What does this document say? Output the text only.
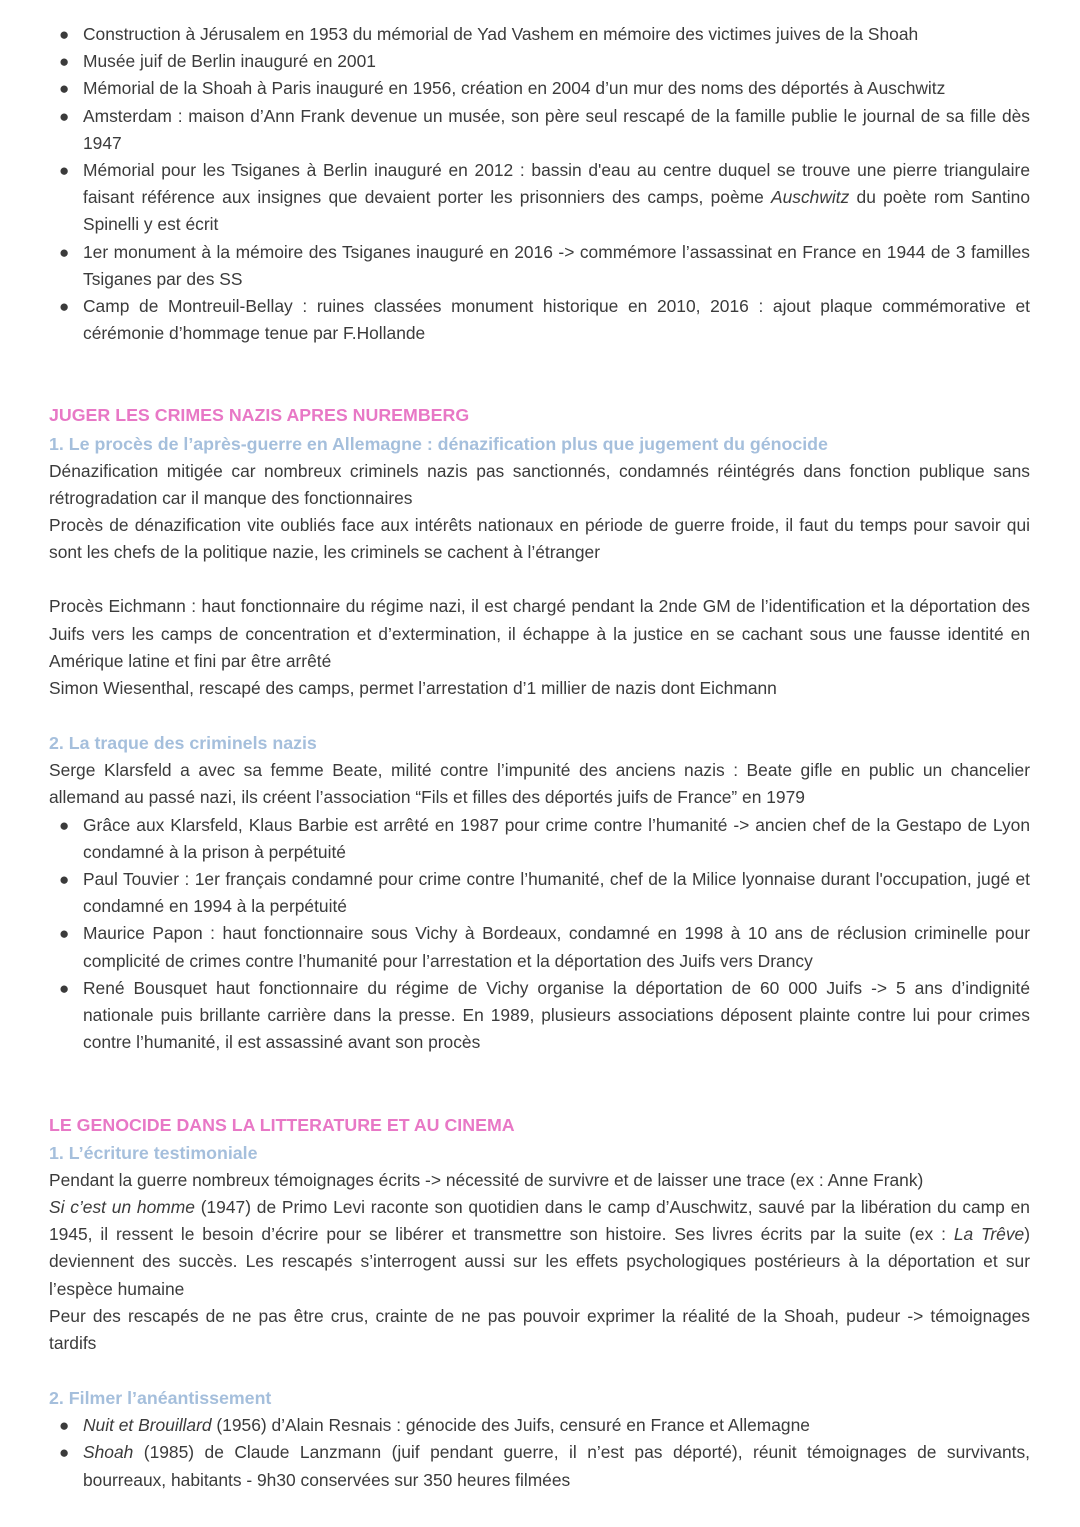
● Construction à Jérusalem en 1953 du mémorial de Yad Vashem en mémoire des victimes juives de la Shoah
● Musée juif de Berlin inauguré en 2001
● Mémorial de la Shoah à Paris inauguré en 1956, création en 2004 d’un mur des noms des déportés à Auschwitz
● Amsterdam : maison d’Ann Frank devenue un musée, son père seul rescapé de la famille publie le journal de sa fille dès 1947
● Mémorial pour les Tsiganes à Berlin inauguré en 2012 : bassin d'eau au centre duquel se trouve une pierre triangulaire faisant référence aux insignes que devaient porter les prisonniers des camps, poème Auschwitz du poète rom Santino Spinelli y est écrit
● 1er monument à la mémoire des Tsiganes inauguré en 2016 -> commémore l’assassinat en France en 1944 de 3 familles Tsiganes par des SS
● Camp de Montreuil-Bellay : ruines classées monument historique en 2010, 2016 : ajout plaque commémorative et cérémonie d’hommage tenue par F.Hollande
JUGER LES CRIMES NAZIS APRES NUREMBERG
1. Le procès de l’après-guerre en Allemagne : dénazification plus que jugement du génocide

Dénazification mitigée car nombreux criminels nazis pas sanctionnés, condamnés réintégrés dans fonction publique sans rétrogradation car il manque des fonctionnaires

Procès de dénazification vite oubliés face aux intérêts nationaux en période de guerre froide, il faut du temps pour savoir qui sont les chefs de la politique nazie, les criminels se cachent à l’étranger

Procès Eichmann : haut fonctionnaire du régime nazi, il est chargé pendant la 2nde GM de l’identification et la déportation des Juifs vers les camps de concentration et d’extermination, il échappe à la justice en se cachant sous une fausse identité en Amérique latine et fini par être arrêté

Simon Wiesenthal, rescapé des camps, permet l’arrestation d’1 millier de nazis dont Eichmann

2. La traque des criminels nazis

Serge Klarsfeld a avec sa femme Beate, milité contre l’impunité des anciens nazis : Beate gifle en public un chancelier allemand au passé nazi, ils créent l’association “Fils et filles des déportés juifs de France” en 1979

● Grâce aux Klarsfeld, Klaus Barbie est arrêté en 1987 pour crime contre l’humanité -> ancien chef de la Gestapo de Lyon condamné à la prison à perpétuité
● Paul Touvier : 1er français condamné pour crime contre l’humanité, chef de la Milice lyonnaise durant l'occupation, jugé et condamné en 1994 à la perpétuité
● Maurice Papon : haut fonctionnaire sous Vichy à Bordeaux, condamné en 1998 à 10 ans de réclusion criminelle pour complicité de crimes contre l’humanité pour l’arrestation et la déportation des Juifs vers Drancy
● René Bousquet haut fonctionnaire du régime de Vichy organise la déportation de 60 000 Juifs -> 5 ans d’indignité nationale puis brillante carrière dans la presse. En 1989, plusieurs associations déposent plainte contre lui pour crimes contre l’humanité, il est assassiné avant son procès
LE GENOCIDE DANS LA LITTERATURE ET AU CINEMA
1. L’écriture testimoniale

Pendant la guerre nombreux témoignages écrits -> nécessité de survivre et de laisser une trace (ex : Anne Frank)

Si c’est un homme (1947) de Primo Levi raconte son quotidien dans le camp d’Auschwitz, sauvé par la libération du camp en 1945, il ressent le besoin d’écrire pour se libérer et transmettre son histoire. Ses livres écrits par la suite (ex : La Trêve) deviennent des succès. Les rescapés s’interrogent aussi sur les effets psychologiques postérieurs à la déportation et sur l’espèce humaine

Peur des rescapés de ne pas être crus, crainte de ne pas pouvoir exprimer la réalité de la Shoah, pudeur -> témoignages tardifs

2. Filmer l’anéantissement
● Nuit et Brouillard (1956) d’Alain Resnais : génocide des Juifs, censuré en France et Allemagne
● Shoah (1985) de Claude Lanzmann (juif pendant guerre, il n’est pas déporté), réunit témoignages de survivants, bourreaux, habitants - 9h30 conservées sur 350 heures filmées
